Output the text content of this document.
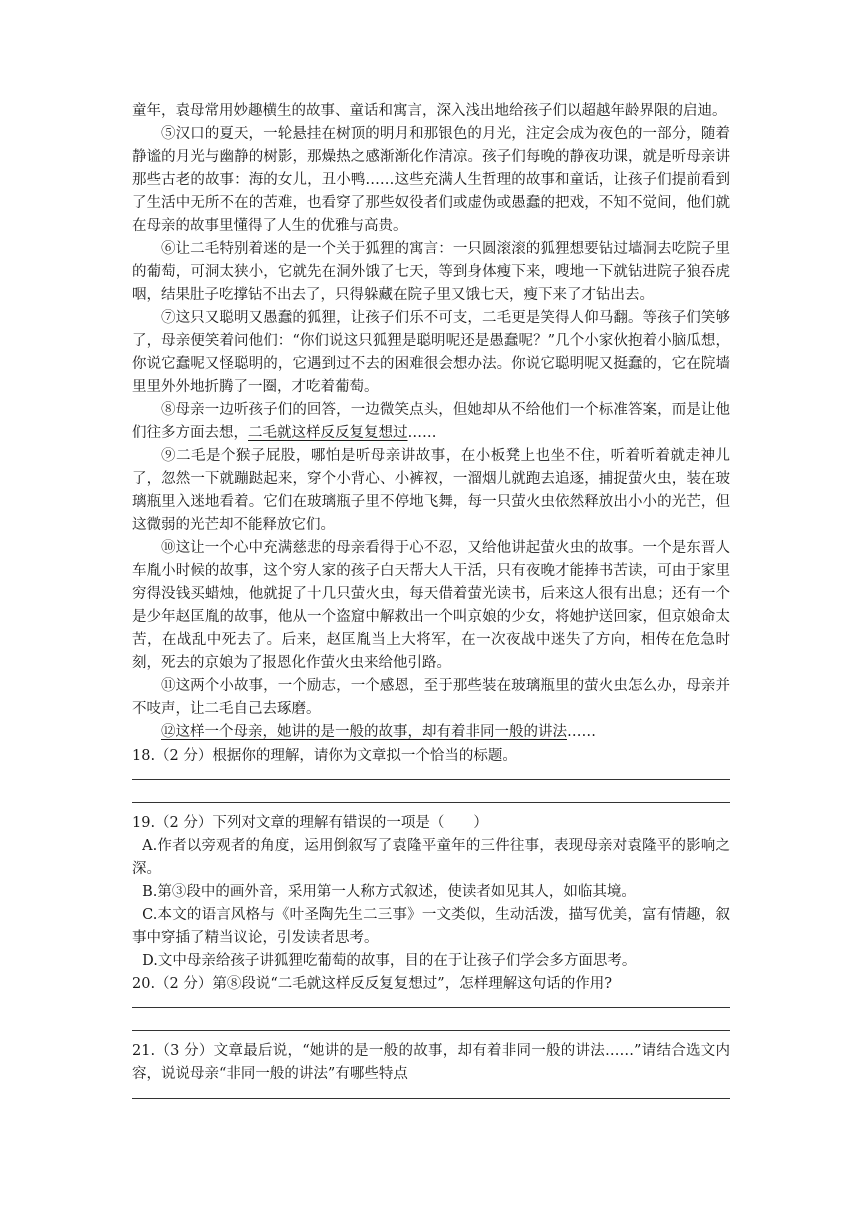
童年，袁母常用妙趣横生的故事、童话和寓言，深入浅出地给孩子们以超越年龄界限的启迪。

⑤汉口的夏天，一轮悬挂在树顶的明月和那银色的月光，注定会成为夜色的一部分，随着静谧的月光与幽静的树影，那燥热之感渐渐化作清凉。孩子们每晚的静夜功课，就是听母亲讲那些古老的故事：海的女儿，丑小鸭……这些充满人生哲理的故事和童话，让孩子们提前看到了生活中无所不在的苦难，也看穿了那些奴役者们或虚伪或愚蠢的把戏，不知不觉间，他们就在母亲的故事里懂得了人生的优雅与高贵。

⑥让二毛特别着迷的是一个关于狐狸的寓言：一只圆滚滚的狐狸想要钻过墙洞去吃院子里的葡萄，可洞太狭小，它就先在洞外饿了七天，等到身体瘦下来，嗖地一下就钻进院子狼吞虎咽，结果肚子吃撑钻不出去了，只得躲藏在院子里又饿七天，瘦下来了才钻出去。

⑦这只又聪明又愚蠢的狐狸，让孩子们乐不可支，二毛更是笑得人仰马翻。等孩子们笑够了，母亲便笑着问他们：“你们说这只狐狸是聪明呢还是愚蠢呢？”几个小家伙抱着小脑瓜想，你说它蠢呢又怪聪明的，它遇到过不去的困难很会想办法。你说它聪明呢又挺蠢的，它在院墙里里外外地折腾了一圈，才吃着葡萄。

⑧母亲一边听孩子们的回答，一边微笑点头，但她却从不给他们一个标准答案，而是让他们往多方面去想，二毛就这样反反复复想过……

⑨二毛是个猴子屁股，哪怕是听母亲讲故事，在小板凳上也坐不住，听着听着就走神儿了，忽然一下就蹦跶起来，穿个小背心、小裤衩，一溜烟儿就跑去追逐，捕捉萤火虫，装在玻璃瓶里入迷地看着。它们在玻璃瓶子里不停地飞舞，每一只萤火虫依然释放出小小的光芒，但这微弱的光芒却不能释放它们。

⑩这让一个心中充满慈悲的母亲看得于心不忍，又给他讲起萤火虫的故事。一个是东晋人车胤小时候的故事，这个穷人家的孩子白天帮大人干活，只有夜晚才能捧书苦读，可由于家里穷得没钱买蜡烛，他就捉了十几只萤火虫，每天借着萤光读书，后来这人很有出息；还有一个是少年赵匡胤的故事，他从一个盗窟中解救出一个叫京娘的少女，将她护送回家，但京娘命太苦，在战乱中死去了。后来，赵匡胤当上大将军，在一次夜战中迷失了方向，相传在危急时刻，死去的京娘为了报恩化作萤火虫来给他引路。

⑪这两个小故事，一个励志，一个感恩，至于那些装在玻璃瓶里的萤火虫怎么办，母亲并不吱声，让二毛自己去琢磨。

⑫这样一个母亲，她讲的是一般的故事，却有着非同一般的讲法……

18.（2 分）根据你的理解，请你为文章拟一个恰当的标题。

19.（2 分）下列对文章的理解有错误的一项是（　　）

A.作者以旁观者的角度，运用倒叙写了袁隆平童年的三件往事，表现母亲对袁隆平的影响之深。

B.第③段中的画外音，采用第一人称方式叙述，使读者如见其人，如临其境。

C.本文的语言风格与《叶圣陶先生二三事》一文类似，生动活泼，描写优美，富有情趣，叙事中穿插了精当议论，引发读者思考。

D.文中母亲给孩子讲狐狸吃葡萄的故事，目的在于让孩子们学会多方面思考。

20.（2 分）第⑧段说“二毛就这样反反复复想过”，怎样理解这句话的作用?

21.（3 分）文章最后说，“她讲的是一般的故事，却有着非同一般的讲法……”请结合选文内容，说说母亲“非同一般的讲法”有哪些特点
